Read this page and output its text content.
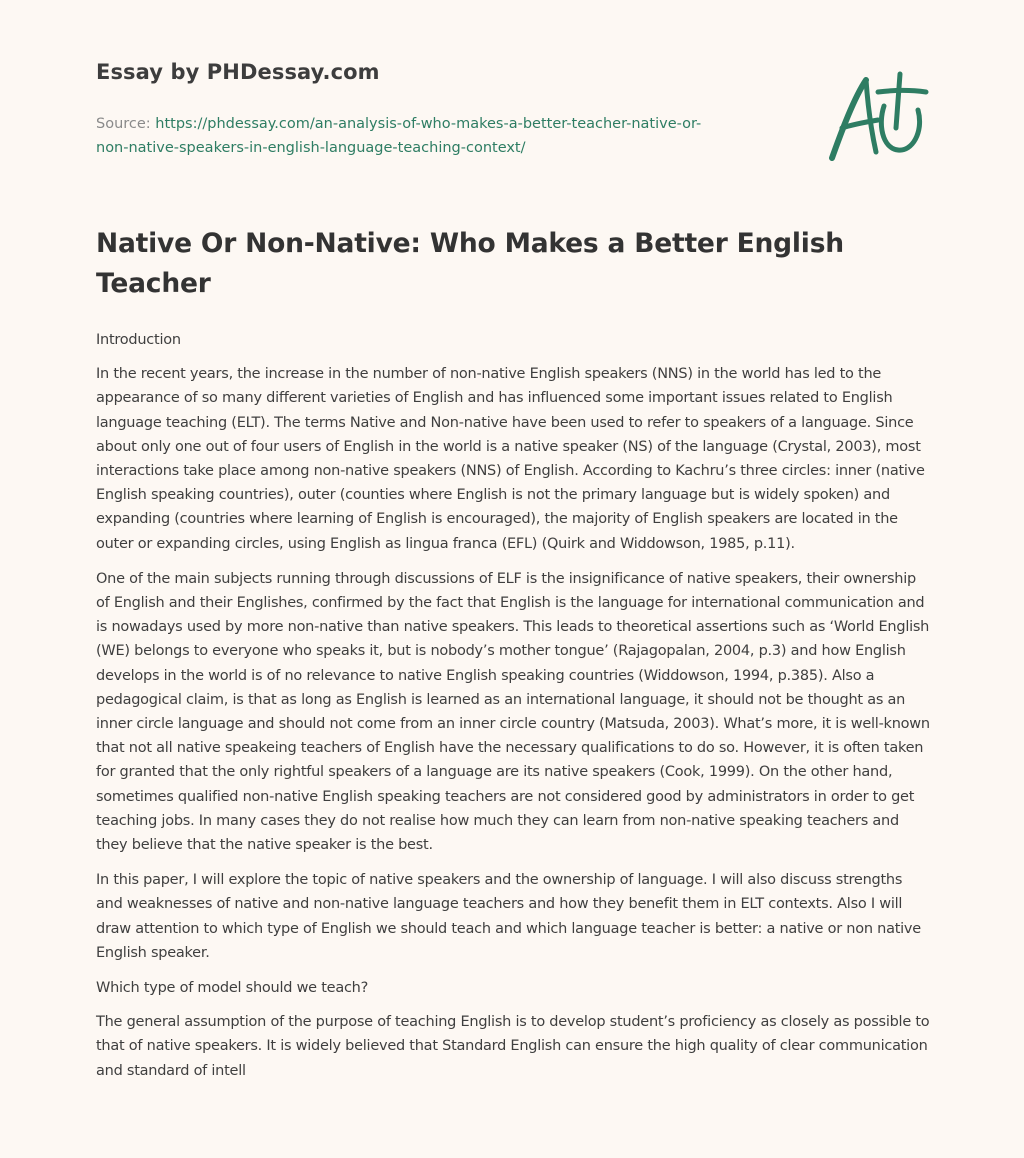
Essay by PHDessay.com
Source: https://phdessay.com/an-analysis-of-who-makes-a-better-teacher-native-or-
non-native-speakers-in-english-language-teaching-context/
Native Or Non-Native: Who Makes a Better English Teacher

Introduction

In the recent years, the increase in the number of non-native English speakers (NNS) in the world has led to the appearance of so many different varieties of English and has influenced some important issues related to English language teaching (ELT). The terms Native and Non-native have been used to refer to speakers of a language. Since about only one out of four users of English in the world is a native speaker (NS) of the language (Crystal, 2003), most interactions take place among non-native speakers (NNS) of English. According to Kachru’s three circles: inner (native English speaking countries), outer (counties where English is not the primary language but is widely spoken) and expanding (countries where learning of English is encouraged), the majority of English speakers are located in the outer or expanding circles, using English as lingua franca (EFL) (Quirk and Widdowson, 1985, p.11).

One of the main subjects running through discussions of ELF is the insignificance of native speakers, their ownership of English and their Englishes, confirmed by the fact that English is the language for international communication and is nowadays used by more non-native than native speakers. This leads to theoretical assertions such as ‘World English (WE) belongs to everyone who speaks it, but is nobody’s mother tongue’ (Rajagopalan, 2004, p.3) and how English develops in the world is of no relevance to native English speaking countries (Widdowson, 1994, p.385). Also a pedagogical claim, is that as long as English is learned as an international language, it should not be thought as an inner circle language and should not come from an inner circle country (Matsuda, 2003). What’s more, it is well-known that not all native speakeing teachers of English have the necessary qualifications to do so. However, it is often taken for granted that the only rightful speakers of a language are its native speakers (Cook, 1999). On the other hand, sometimes qualified non-native English speaking teachers are not considered good by administrators in order to get teaching jobs. In many cases they do not realise how much they can learn from non-native speaking teachers and they believe that the native speaker is the best.

In this paper, I will explore the topic of native speakers and the ownership of language. I will also discuss strengths and weaknesses of native and non-native language teachers and how they benefit them in ELT contexts. Also I will draw attention to which type of English we should teach and which language teacher is better: a native or non native English speaker.

Which type of model should we teach?

The general assumption of the purpose of teaching English is to develop student’s proficiency as closely as possible to that of native speakers. It is widely believed that Standard English can ensure the high quality of clear communication and standard of intell
